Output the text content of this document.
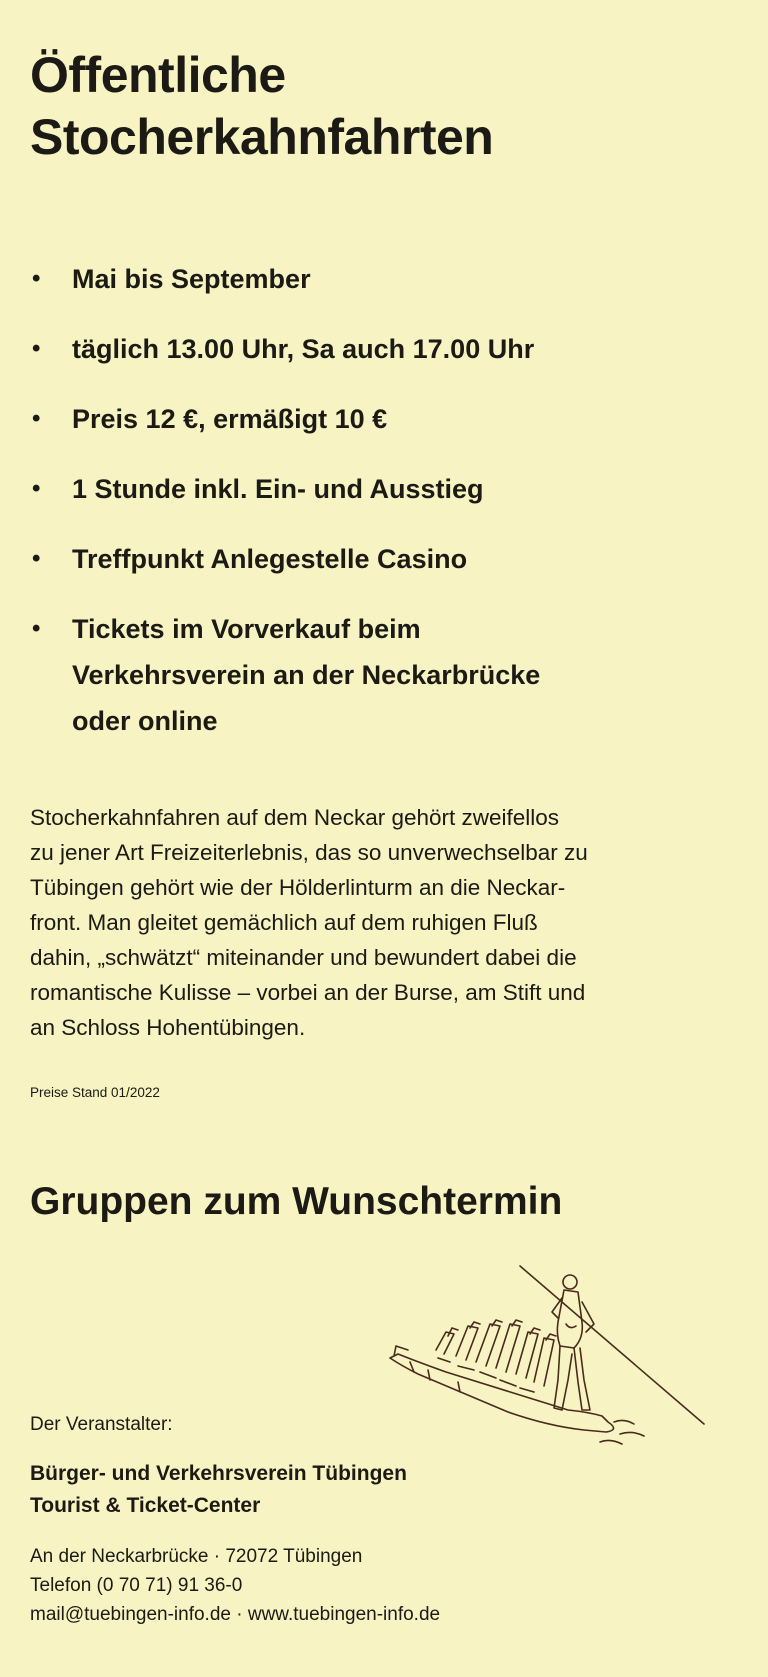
Öffentliche
Stocherkahnfahrten
• Mai bis September
• täglich 13.00 Uhr, Sa auch 17.00 Uhr
• Preis 12 €, ermäßigt 10 €
• 1 Stunde inkl. Ein- und Ausstieg
• Treffpunkt Anlegestelle Casino
• Tickets im Vorverkauf beim
Verkehrsverein an der Neckarbrücke
oder online

Stocherkahnfahren auf dem Neckar gehört zweifellos
zu jener Art Freizeiterlebnis, das so unverwechselbar zu
Tübingen gehört wie der Hölderlinturm an die Neckar-
front. Man gleitet gemächlich auf dem ruhigen Fluß
dahin, „schwätzt“ miteinander und bewundert dabei die
romantische Kulisse – vorbei an der Burse, am Stift und
an Schloss Hohentübingen.

Preise Stand 01/2022

Gruppen zum Wunschtermin

Der Veranstalter:

Bürger- und Verkehrsverein Tübingen
Tourist & Ticket-Center

An der Neckarbrücke · 72072 Tübingen
Telefon (0 70 71) 91 36-0
mail@tuebingen-info.de · www.tuebingen-info.de
